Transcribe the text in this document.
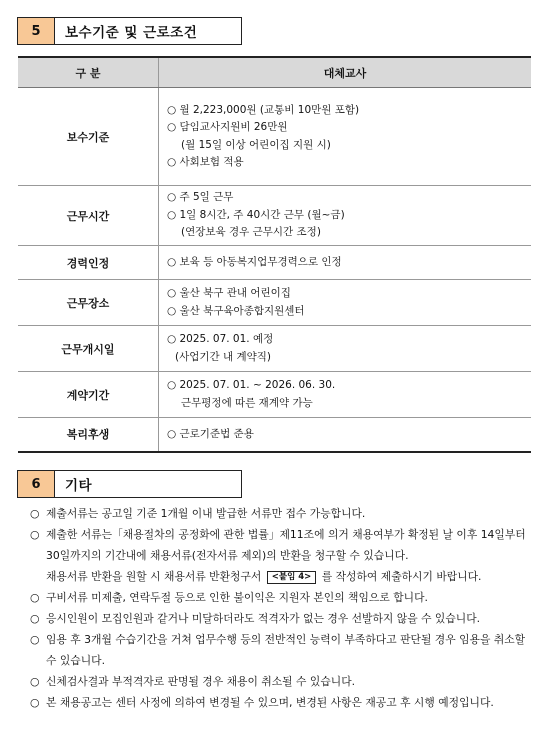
5	보수기준 및 근로조건
구 분	대체교사
보수기준	○ 월 2,223,000원 (교통비 10만원 포함)
○ 담임교사지원비 26만원
(월 15일 이상 어린이집 지원 시)
○ 사회보험 적용

근무시간	○ 주 5일 근무
○ 1일 8시간, 주 40시간 근무 (월~금)
(연장보육 경우 근무시간 조정)

경력인정	○ 보육 등 아동복지업무경력으로 인정

근무장소	○ 울산 북구 관내 어린이집
○ 울산 북구육아종합지원센터

근무개시일	○ 2025. 07. 01. 예정
(사업기간 내 계약직)

계약기간	○ 2025. 07. 01. ~ 2026. 06. 30.
근무평정에 따른 재계약 가능

복리후생	○ 근로기준법 준용
6	기타
○ 제출서류는 공고일 기준 1개월 이내 발급한 서류만 접수 가능합니다.
○ 제출한 서류는「채용절차의 공정화에 관한 법률」제11조에 의거 채용여부가 확정된 날 이후 14일부터 30일까지의 기간내에 채용서류(전자서류 제외)의 반환을 청구할 수 있습니다.
채용서류 반환을 원할 시 채용서류 반환청구서 <붙임 4> 를 작성하여 제출하시기 바랍니다.
○ 구비서류 미제출, 연락두절 등으로 인한 불이익은 지원자 본인의 책임으로 합니다.
○ 응시인원이 모집인원과 같거나 미달하더라도 적격자가 없는 경우 선발하지 않을 수 있습니다.
○ 임용 후 3개월 수습기간을 거쳐 업무수행 등의 전반적인 능력이 부족하다고 판단될 경우 임용을 취소할 수 있습니다.
○ 신체검사결과 부적격자로 판명될 경우 채용이 취소될 수 있습니다.
○ 본 채용공고는 센터 사정에 의하여 변경될 수 있으며, 변경된 사항은 재공고 후 시행 예정입니다.
